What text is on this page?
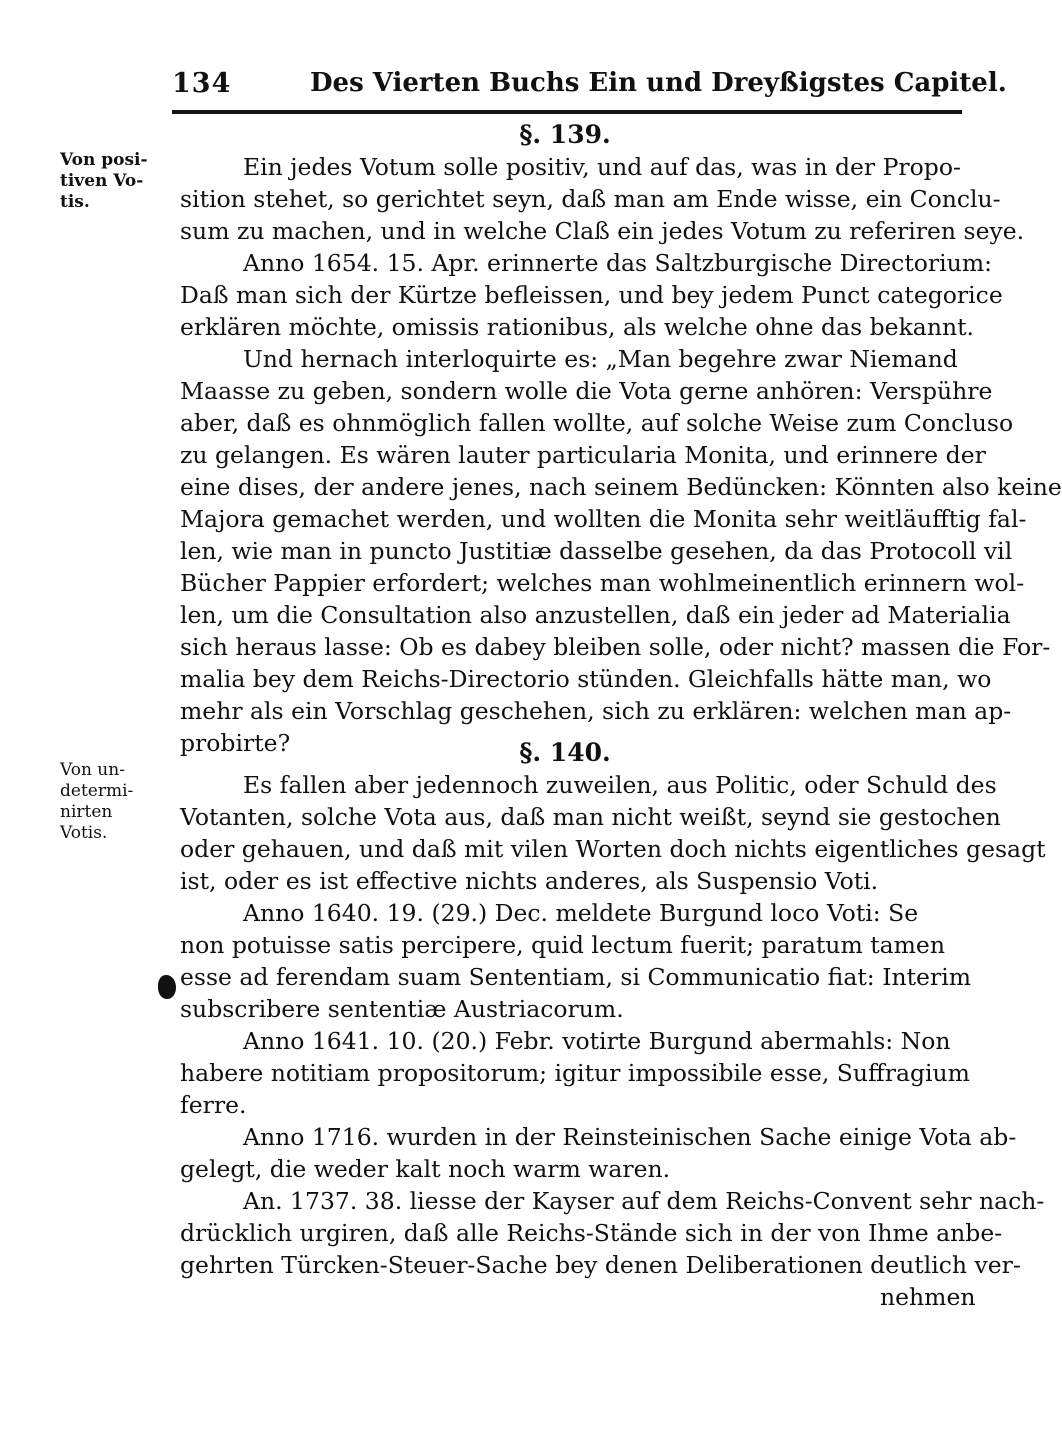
134	Des Vierten Buchs Ein und Dreyßigstes Capitel.
Von posi-
tiven Vo-
tis.
Von un-
determi-
nirten
Votis.
§. 139.
Ein jedes Votum solle positiv, und auf das, was in der Propo-
sition stehet, so gerichtet seyn, daß man am Ende wisse, ein Conclu-
sum zu machen, und in welche Claß ein jedes Votum zu referiren seye.
Anno 1654. 15. Apr. erinnerte das Saltzburgische Directorium:
Daß man sich der Kürtze befleissen, und bey jedem Punct categorice
erklären möchte, omissis rationibus, als welche ohne das bekannt.
Und hernach interloquirte es: „Man begehre zwar Niemand
Maasse zu geben, sondern wolle die Vota gerne anhören: Verspühre
aber, daß es ohnmöglich fallen wollte, auf solche Weise zum Concluso
zu gelangen. Es wären lauter particularia Monita, und erinnere der
eine dises, der andere jenes, nach seinem Bedüncken: Könnten also keine
Majora gemachet werden, und wollten die Monita sehr weitläufftig fal-
len, wie man in puncto Justitiæ dasselbe gesehen, da das Protocoll vil
Bücher Pappier erfordert; welches man wohlmeinentlich erinnern wol-
len, um die Consultation also anzustellen, daß ein jeder ad Materialia
sich heraus lasse: Ob es dabey bleiben solle, oder nicht? massen die For-
malia bey dem Reichs-Directorio stünden. Gleichfalls hätte man, wo
mehr als ein Vorschlag geschehen, sich zu erklären: welchen man ap-
probirte?	§. 140.
Es fallen aber jedennoch zuweilen, aus Politic, oder Schuld des
Votanten, solche Vota aus, daß man nicht weißt, seynd sie gestochen
oder gehauen, und daß mit vilen Worten doch nichts eigentliches gesagt
ist, oder es ist effective nichts anderes, als Suspensio Voti.
Anno 1640. 19. (29.) Dec. meldete Burgund loco Voti: Se
non potuisse satis percipere, quid lectum fuerit; paratum tamen
esse ad ferendam suam Sententiam, si Communicatio fiat: Interim
subscribere sententiæ Austriacorum.
Anno 1641. 10. (20.) Febr. votirte Burgund abermahls: Non
habere notitiam propositorum; igitur impossibile esse, Suffragium
ferre.
Anno 1716. wurden in der Reinsteinischen Sache einige Vota ab-
gelegt, die weder kalt noch warm waren.
An. 1737. 38. liesse der Kayser auf dem Reichs-Convent sehr nach-
drücklich urgiren, daß alle Reichs-Stände sich in der von Ihme anbe-
gehrten Türcken-Steuer-Sache bey denen Deliberationen deutlich ver-
nehmen
